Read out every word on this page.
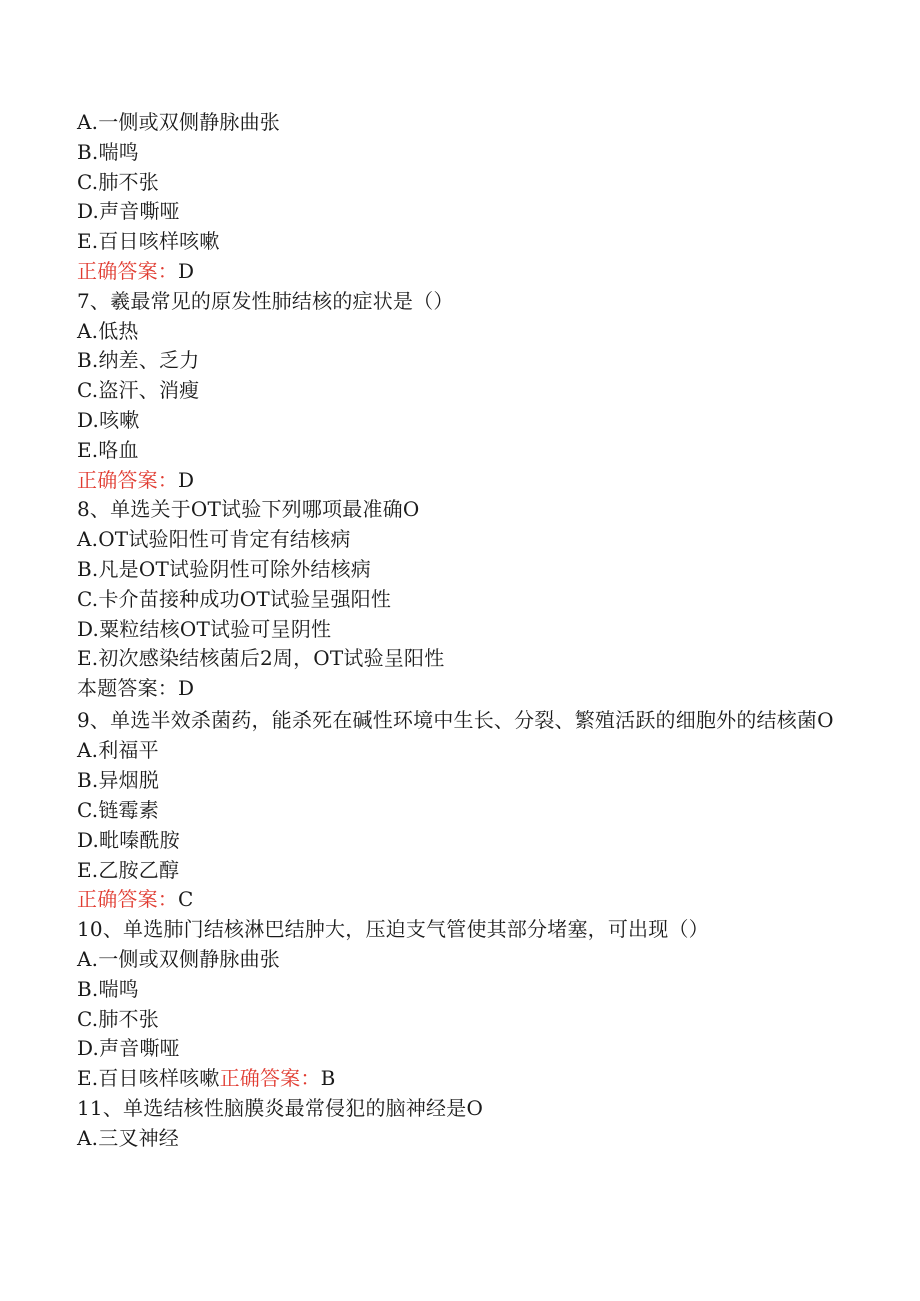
A.一侧或双侧静脉曲张
B.喘鸣
C.肺不张
D.声音嘶哑
E.百日咳样咳嗽
正确答案：D
7、羲最常见的原发性肺结核的症状是（）
A.低热
B.纳差、乏力
C.盗汗、消瘦
D.咳嗽
E.咯血
正确答案：D
8、单选关于OT试验下列哪项最准确O
A.OT试验阳性可肯定有结核病
B.凡是OT试验阴性可除外结核病
C.卡介苗接种成功OT试验呈强阳性
D.粟粒结核OT试验可呈阴性
E.初次感染结核菌后2周，OT试验呈阳性
本题答案：D
9、单选半效杀菌药，能杀死在碱性环境中生长、分裂、繁殖活跃的细胞外的结核菌O
A.利福平
B.异烟脱
C.链霉素
D.毗嗪酰胺
E.乙胺乙醇
正确答案：C
10、单选肺门结核淋巴结肿大，压迫支气管使其部分堵塞，可出现（）
A.一侧或双侧静脉曲张
B.喘鸣
C.肺不张
D.声音嘶哑
E.百日咳样咳嗽正确答案：B
11、单选结核性脑膜炎最常侵犯的脑神经是O
A.三叉神经
